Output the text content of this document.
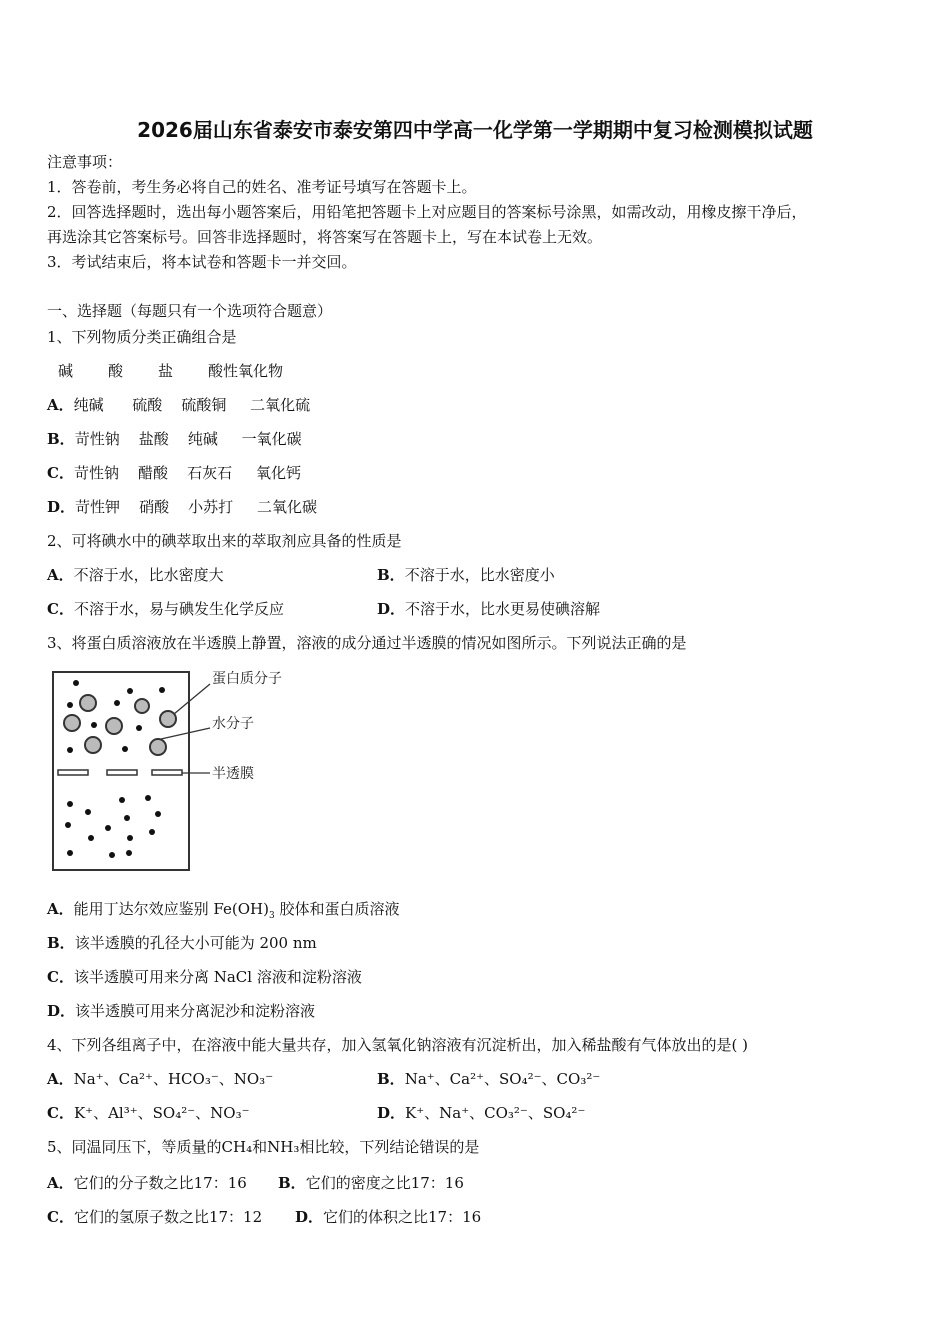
2026届山东省泰安市泰安第四中学高一化学第一学期期中复习检测模拟试题
注意事项：
1．答卷前，考生务必将自己的姓名、准考证号填写在答题卡上。
2．回答选择题时，选出每小题答案后，用铅笔把答题卡上对应题目的答案标号涂黑，如需改动，用橡皮擦干净后，
再选涂其它答案标号。回答非选择题时，将答案写在答题卡上，写在本试卷上无效。
3．考试结束后，将本试卷和答题卡一并交回。
一、选择题（每题只有一个选项符合题意）
1、下列物质分类正确组合是
碱 酸 盐 酸性氧化物
A．纯碱      硫酸    硫酸铜     二氧化硫
B．苛性钠    盐酸    纯碱     一氧化碳
C．苛性钠    醋酸    石灰石     氧化钙
D．苛性钾    硝酸    小苏打     二氧化碳
2、可将碘水中的碘萃取出来的萃取剂应具备的性质是
A．不溶于水，比水密度大	B．不溶于水，比水密度小
C．不溶于水，易与碘发生化学反应	D．不溶于水，比水更易使碘溶解
3、将蛋白质溶液放在半透膜上静置，溶液的成分通过半透膜的情况如图所示。下列说法正确的是
蛋白质分子
水分子
半透膜
A．能用丁达尔效应鉴别 $Fe(OH)_3$ 胶体和蛋白质溶液
B．该半透膜的孔径大小可能为 200 nm
C．该半透膜可用来分离 NaCl 溶液和淀粉溶液
D．该半透膜可用来分离泥沙和淀粉溶液
4、下列各组离子中，在溶液中能大量共存，加入氢氧化钠溶液有沉淀析出，加入稀盐酸有气体放出的是( )
A．Na⁺、Ca²⁺、HCO₃⁻、NO₃⁻	B．Na⁺、Ca²⁺、SO₄²⁻、CO₃²⁻
C．K⁺、Al³⁺、SO₄²⁻、NO₃⁻	D．K⁺、Na⁺、CO₃²⁻、SO₄²⁻
5、同温同压下，等质量的CH₄和NH₃相比较，下列结论错误的是
A．它们的分子数之比17：16 B．它们的密度之比17：16
C．它们的氢原子数之比17：12 D．它们的体积之比17：16
